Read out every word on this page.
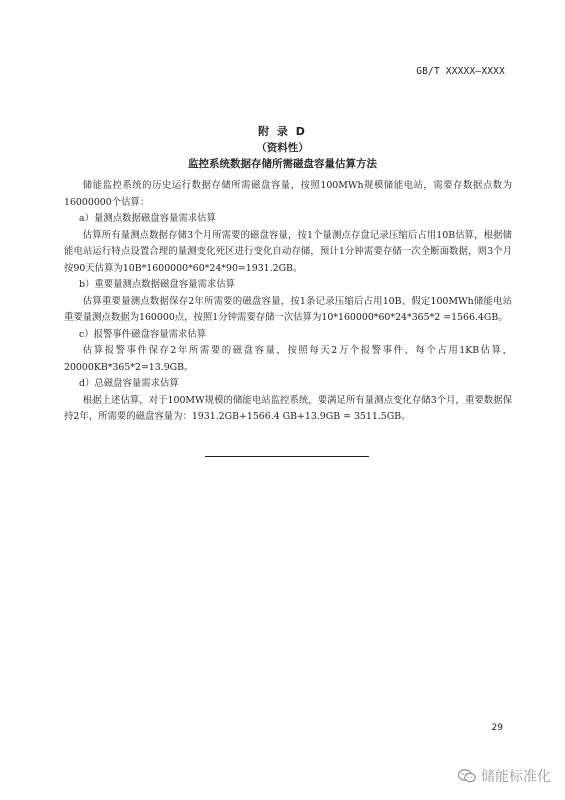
GB/T XXXXX—XXXX
附 录 D
（资料性）
监控系统数据存储所需磁盘容量估算方法

储能监控系统的历史运行数据存储所需磁盘容量，按照100MWh规模储能电站，需要存数据点数为16000000个估算：

a）量测点数据磁盘容量需求估算

估算所有量测点数据存储3个月所需要的磁盘容量，按1个量测点存盘记录压缩后占用10B估算，根据储能电站运行特点设置合理的量测变化死区进行变化自动存储，预计1分钟需要存储一次全断面数据，则3个月按90天估算为10B*1600000*60*24*90=1931.2GB。

b）重要量测点数据磁盘容量需求估算

估算重要量测点数据保存2年所需要的磁盘容量，按1条记录压缩后占用10B、假定100MWh储能电站重要量测点数据为160000点，按照1分钟需要存储一次估算为10*160000*60*24*365*2 =1566.4GB。

c）报警事件磁盘容量需求估算

估算报警事件保存2年所需要的磁盘容量，按照每天2万个报警事件、每个占用1KB估算，20000KB*365*2=13.9GB。

d）总磁盘容量需求估算

根据上述估算，对于100MW规模的储能电站监控系统，要满足所有量测点变化存储3个月，重要数据保持2年，所需要的磁盘容量为：1931.2GB+1566.4 GB+13.9GB = 3511.5GB。

29
储能标准化
